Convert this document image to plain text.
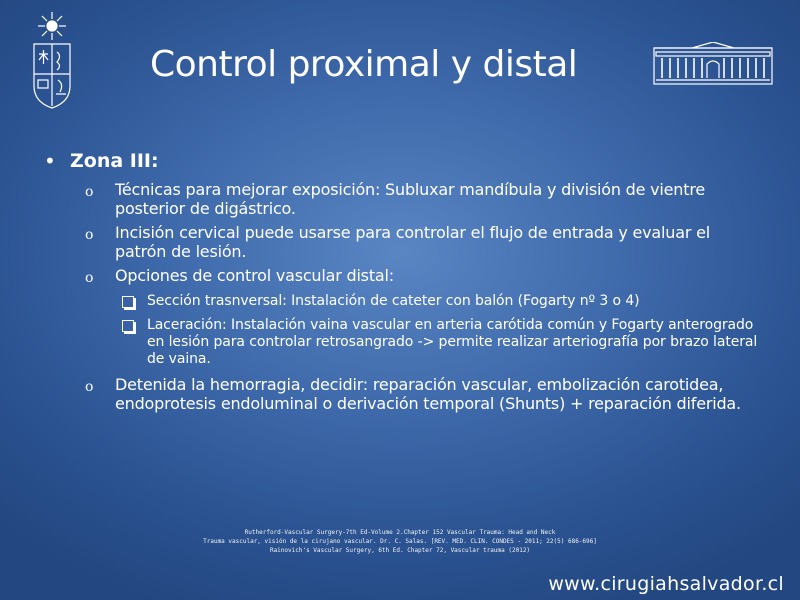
Control proximal y distal
• Zona III:
o	Técnicas para mejorar exposición: Subluxar mandíbula y división de vientre posterior de digástrico.
o	Incisión cervical puede usarse para controlar el flujo de entrada y evaluar el patrón de lesión.
o	Opciones de control vascular distal:
Sección trasnversal: Instalación de cateter con balón (Fogarty nº 3 o 4)
Laceración: Instalación vaina vascular en arteria carótida común y Fogarty anterogrado en lesión para controlar retrosangrado -> permite realizar arteriografía por brazo lateral de vaina.
o	Detenida la hemorragia, decidir: reparación vascular, embolización carotidea, endoprotesis endoluminal o derivación temporal (Shunts) + reparación diferida.
Rutherford-Vascular Surgery-7th Ed-Volume 2.Chapter 152 Vascular Trauma: Head and Neck
Trauma vascular, visión de la cirujano vascular. Dr. C. Salas. [REV. MED. CLIN. CONDES - 2011; 22(5) 686-696]
Rainovich's Vascular Surgery, 6th Ed. Chapter 72, Vascular trauma (2012)
www.cirugiahsalvador.cl
